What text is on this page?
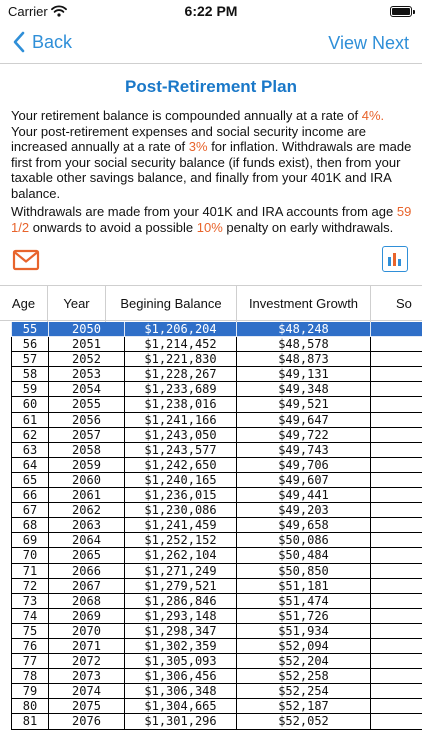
Carrier	6:22 PM
Back	View Next
Post-Retirement Plan

Your retirement balance is compounded annually at a rate of 4%. Your post-retirement expenses and social security income are increased annually at a rate of 3% for inflation. Withdrawals are made first from your social security balance (if funds exist), then from your taxable other savings balance, and finally from your 401K and IRA balance.

Withdrawals are made from your 401K and IRA accounts from age 59 1/2 onwards to avoid a possible 10% penalty on early withdrawals.

Age	Year	Begining Balance	Investment Growth	So
55	2050	$1,206,204	$48,248
56	2051	$1,214,452	$48,578
57	2052	$1,221,830	$48,873
58	2053	$1,228,267	$49,131
59	2054	$1,233,689	$49,348
60	2055	$1,238,016	$49,521
61	2056	$1,241,166	$49,647
62	2057	$1,243,050	$49,722
63	2058	$1,243,577	$49,743
64	2059	$1,242,650	$49,706
65	2060	$1,240,165	$49,607
66	2061	$1,236,015	$49,441
67	2062	$1,230,086	$49,203
68	2063	$1,241,459	$49,658
69	2064	$1,252,152	$50,086
70	2065	$1,262,104	$50,484
71	2066	$1,271,249	$50,850
72	2067	$1,279,521	$51,181
73	2068	$1,286,846	$51,474
74	2069	$1,293,148	$51,726
75	2070	$1,298,347	$51,934
76	2071	$1,302,359	$52,094
77	2072	$1,305,093	$52,204
78	2073	$1,306,456	$52,258
79	2074	$1,306,348	$52,254
80	2075	$1,304,665	$52,187
81	2076	$1,301,296	$52,052
